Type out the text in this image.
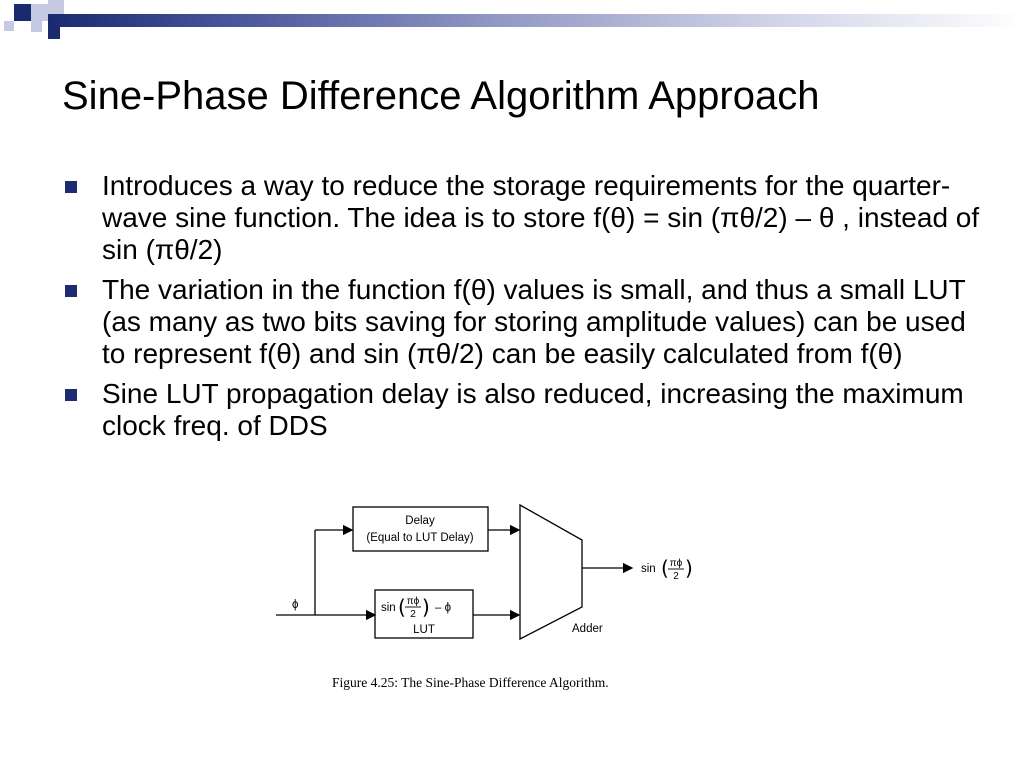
Sine-Phase Difference Algorithm Approach
Introduces a way to reduce the storage requirements for the quarter-wave sine function. The idea is to store f(θ) = sin (πθ/2) – θ , instead of sin (πθ/2)
The variation in the function f(θ) values is small, and thus a small LUT (as many as two bits saving for storing amplitude values) can be used to represent f(θ) and sin (πθ/2) can be easily calculated from f(θ)
Sine LUT propagation delay is also reduced, increasing the maximum clock freq. of DDS
ϕ
Delay
(Equal to LUT Delay)
sin ( πϕ
2 ) – ϕ
LUT	Adder
sin ( πϕ
2 )

Figure 4.25: The Sine-Phase Difference Algorithm.
